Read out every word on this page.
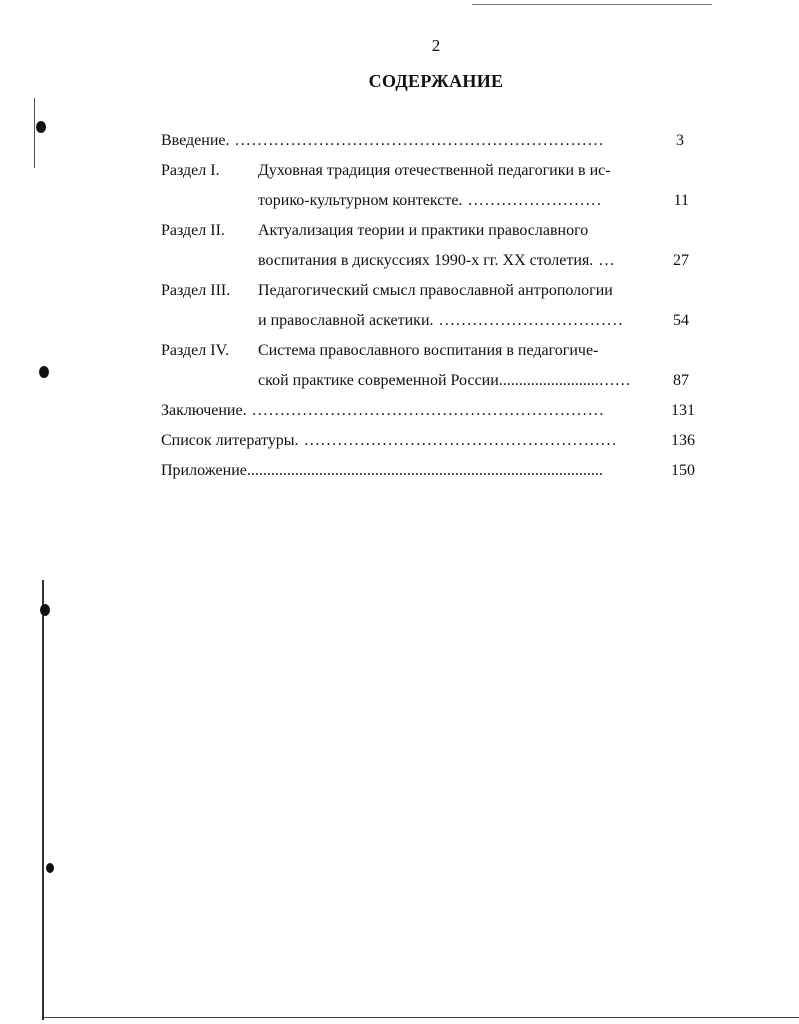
2
СОДЕРЖАНИЕ
Введение. ..................................................................	3
Раздел I. Духовная традиция отечественной педагогики в ис-
торико-культурном контексте. ........................	11
Раздел II. Актуализация теории и практики православного
воспитания в дискуссиях 1990-х гг. XX столетия. ...	27
Раздел III. Педагогический смысл православной антропологии
и православной аскетики. .................................	54
Раздел IV. Система православного воспитания в педагогиче-
ской практике современной России.........................……	87
Заключение. ...............................................................	131
Список литературы. ........................................................	136
Приложение.........................................................................................	150
